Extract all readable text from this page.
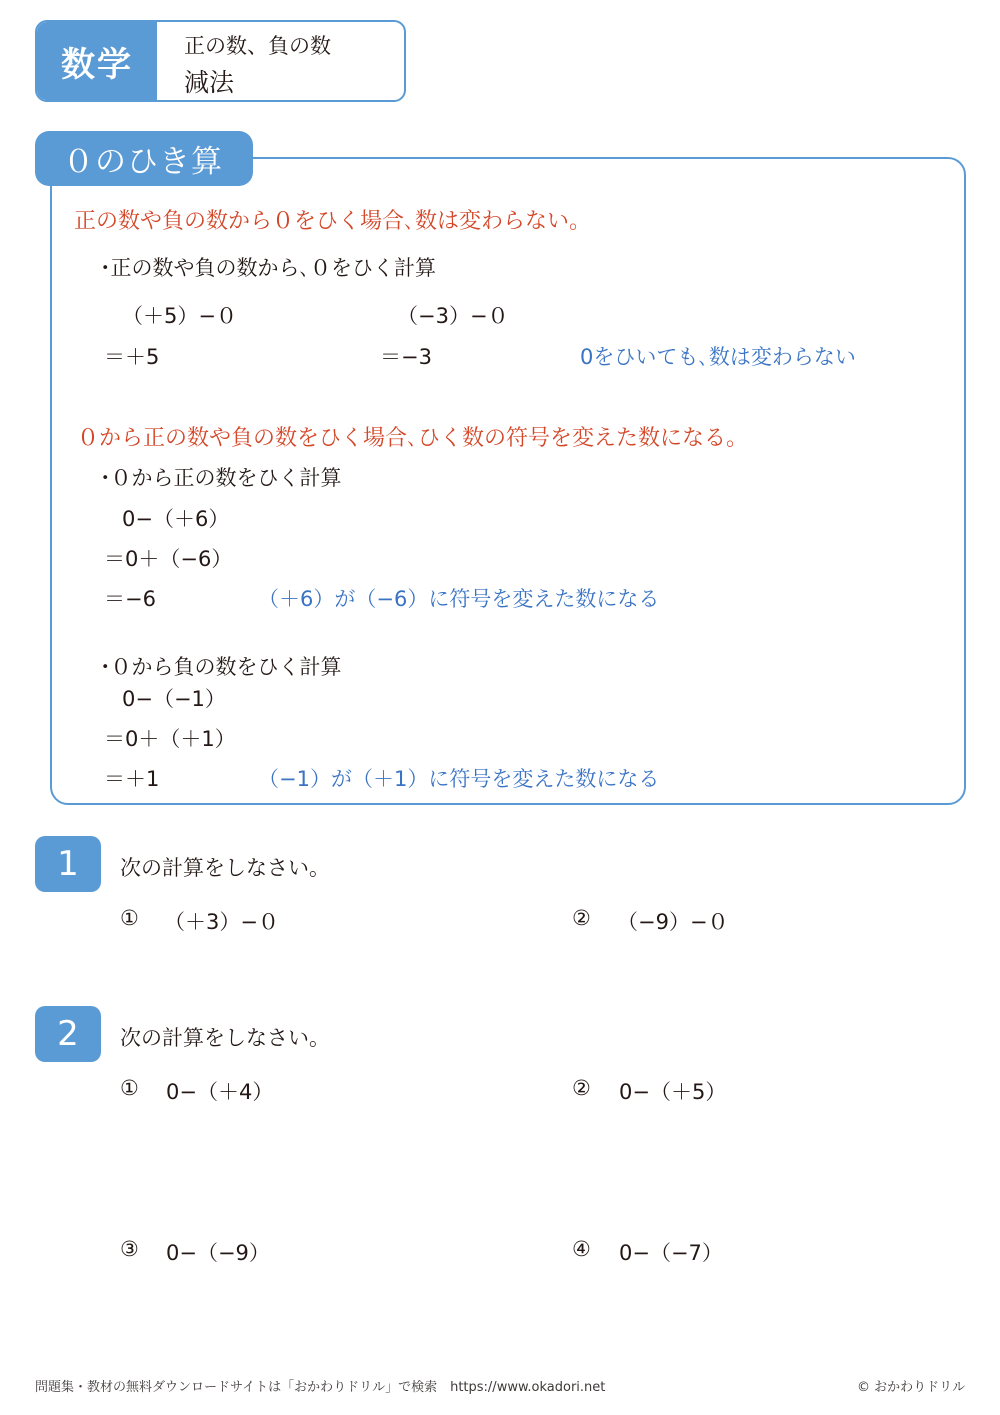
数学	正の数、負の数
減法
０のひき算
正の数や負の数から０をひく場合､数は変わらない。
･正の数や負の数から､０をひく計算
（＋5）−０
＝＋5
（−3）−０
＝−3	0をひいても､数は変わらない
０から正の数や負の数をひく場合､ひく数の符号を変えた数になる。
･０から正の数をひく計算
0−（＋6）
＝0＋（−6）
＝−6	（＋6）が（−6）に符号を変えた数になる
･０から負の数をひく計算
0−（−1）
＝0＋（＋1）
＝＋1	（−1）が（＋1）に符号を変えた数になる
1	次の計算をしなさい。
① （＋3）−０	② （−9）−０
2	次の計算をしなさい。
① 0−（＋4）	② 0−（＋5）
③ 0−（−9）	④ 0−（−7）
問題集・教材の無料ダウンロードサイトは「おかわりドリル」で検索　https://www.okadori.net	© おかわりドリル
